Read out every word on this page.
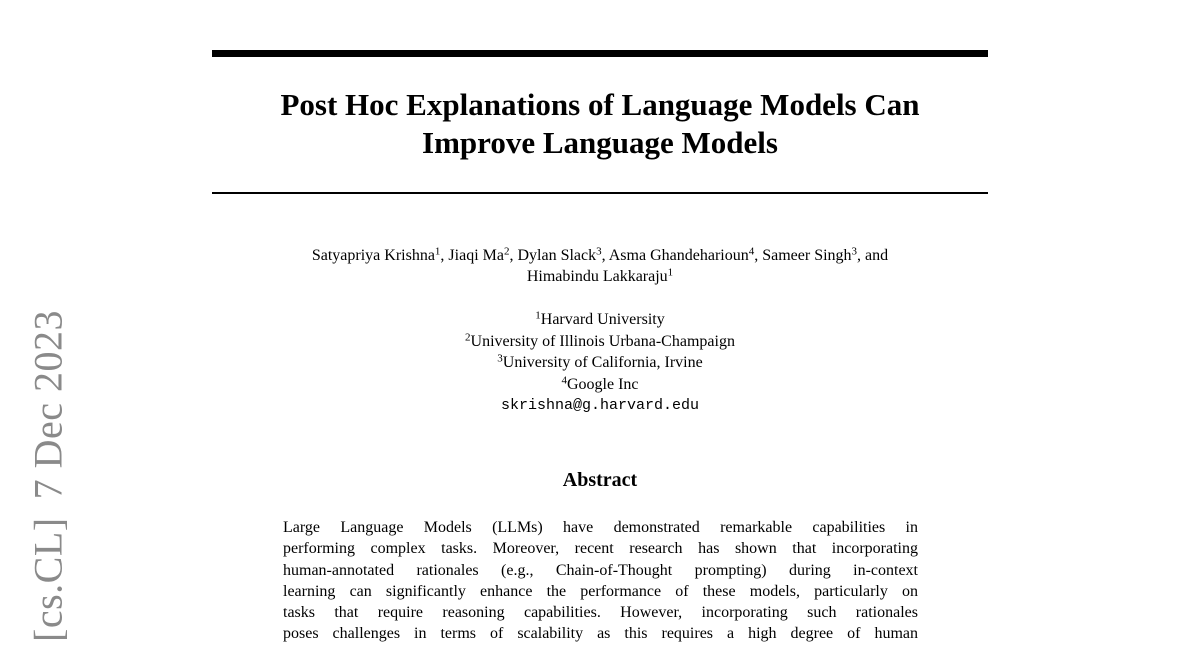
[cs.CL]7 Dec 2023
Post Hoc Explanations of Language Models Can
Improve Language Models
Satyapriya Krishna$^1$, Jiaqi Ma$^2$, Dylan Slack$^3$, Asma Ghandeharioun$^4$, Sameer Singh$^3$, and
Himabindu Lakkaraju$^1$
$^1$Harvard University
$^2$University of Illinois Urbana-Champaign
$^3$University of California, Irvine
$^4$Google Inc
skrishna@g.harvard.edu
Abstract
Large Language Models (LLMs) have demonstrated remarkable capabilities in
performing complex tasks. Moreover, recent research has shown that incorporating
human-annotated rationales (e.g., Chain-of-Thought prompting) during in-context
learning can significantly enhance the performance of these models, particularly on
tasks that require reasoning capabilities. However, incorporating such rationales
poses challenges in terms of scalability as this requires a high degree of human
